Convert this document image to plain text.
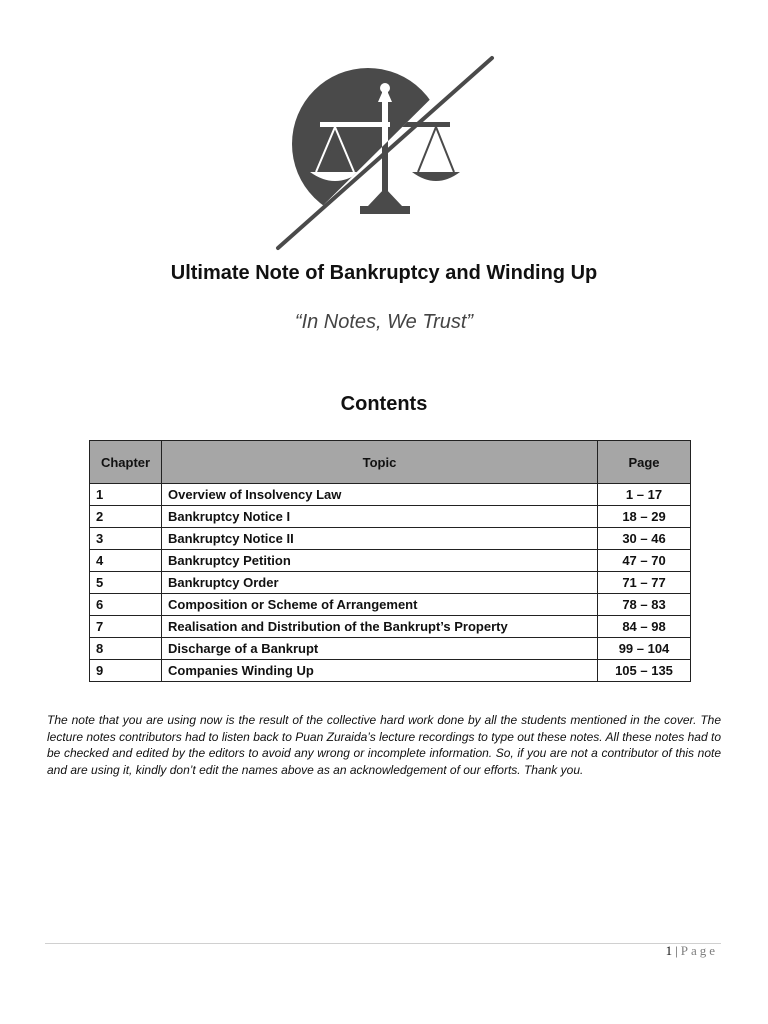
Ultimate Note of Bankruptcy and Winding Up
“In Notes, We Trust”
Contents
Chapter	Topic	Page
1	Overview of Insolvency Law	1 – 17
2	Bankruptcy Notice I	18 – 29
3	Bankruptcy Notice II	30 – 46
4	Bankruptcy Petition	47 – 70
5	Bankruptcy Order	71 – 77
6	Composition or Scheme of Arrangement	78 – 83
7	Realisation and Distribution of the Bankrupt’s Property	84 – 98
8	Discharge of a Bankrupt	99 – 104
9	Companies Winding Up	105 – 135
The note that you are using now is the result of the collective hard work done by all the students mentioned in the cover. The lecture notes contributors had to listen back to Puan Zuraida’s lecture recordings to type out these notes. All these notes had to be checked and edited by the editors to avoid any wrong or incomplete information. So, if you are not a contributor of this note and are using it, kindly don’t edit the names above as an acknowledgement of our efforts. Thank you.
1 | Page
